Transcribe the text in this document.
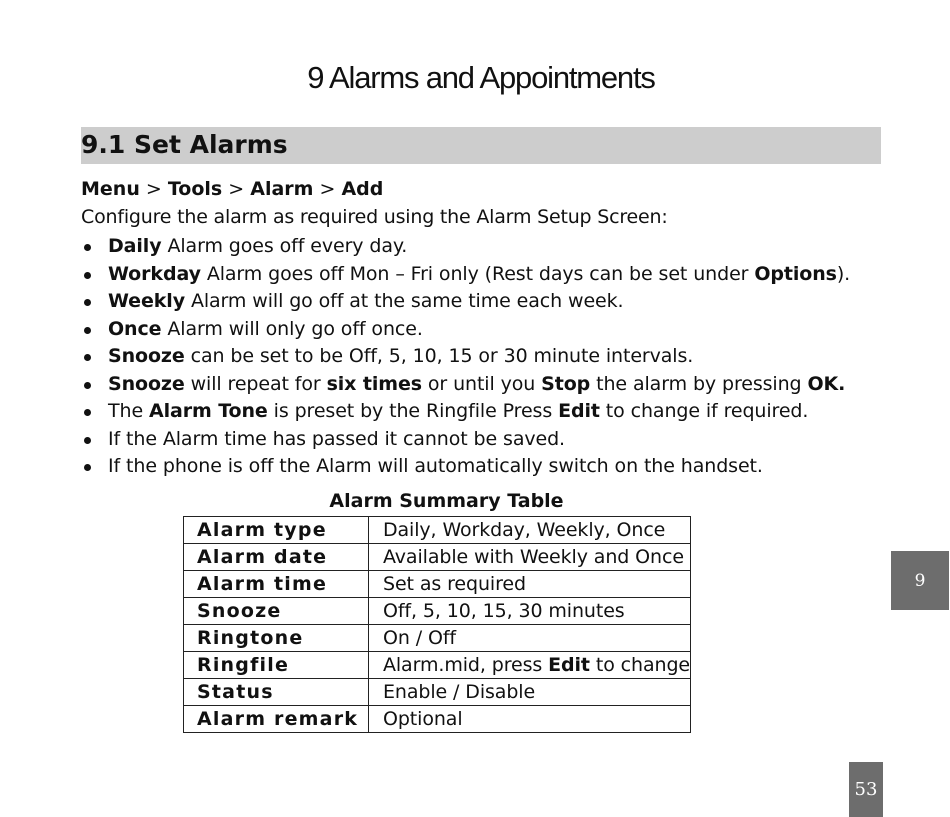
9 Alarms and Appointments
9.1 Set Alarms
Menu > Tools > Alarm > Add
Configure the alarm as required using the Alarm Setup Screen:
Daily Alarm goes off every day.
Workday Alarm goes off Mon – Fri only (Rest days can be set under Options).
Weekly Alarm will go off at the same time each week.
Once Alarm will only go off once.
Snooze can be set to be Off, 5, 10, 15 or 30 minute intervals.
Snooze will repeat for six times or until you Stop the alarm by pressing OK.
The Alarm Tone is preset by the Ringfile Press Edit to change if required.
If the Alarm time has passed it cannot be saved.
If the phone is off the Alarm will automatically switch on the handset.
Alarm Summary Table
Alarm type	Daily, Workday, Weekly, Once
Alarm date	Available with Weekly and Once
Alarm time	Set as required
Snooze	Off, 5, 10, 15, 30 minutes
Ringtone	On / Off
Ringfile	Alarm.mid, press Edit to change
Status	Enable / Disable
Alarm remark	Optional
9
53
